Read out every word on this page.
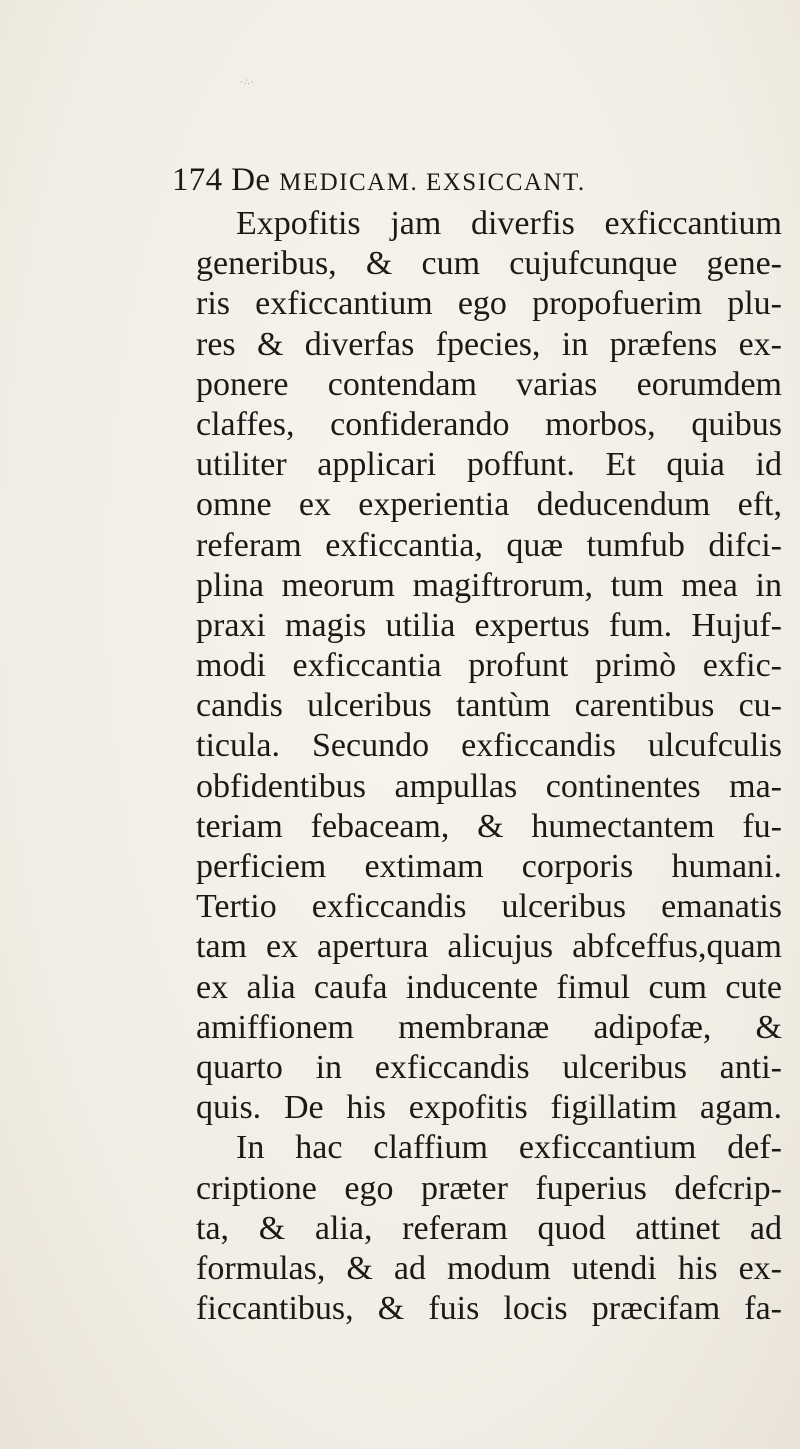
·∴·
174 De MEDICAM. EXSICCANT.
Expofitis jam diverfis exficcantium
generibus, & cum cujufcunque gene-
ris exficcantium ego propofuerim plu-
res & diverfas fpecies, in præfens ex-
ponere contendam varias eorumdem
claffes, confiderando morbos, quibus
utiliter applicari poffunt. Et quia id
omne ex experientia deducendum eft,
referam exficcantia, quæ tumfub difci-
plina meorum magiftrorum, tum mea in
praxi magis utilia expertus fum. Hujuf-
modi exficcantia profunt primò exfic-
candis ulceribus tantùm carentibus cu-
ticula. Secundo exficcandis ulcufculis
obfidentibus ampullas continentes ma-
teriam febaceam, & humectantem fu-
perficiem extimam corporis humani.
Tertio exficcandis ulceribus emanatis
tam ex apertura alicujus abfceffus,quam
ex alia caufa inducente fimul cum cute
amiffionem membranæ adipofæ, &
quarto in exficcandis ulceribus anti-
quis. De his expofitis figillatim agam.
In hac claffium exficcantium def-
criptione ego præter fuperius defcrip-
ta, & alia, referam quod attinet ad
formulas, & ad modum utendi his ex-
ficcantibus, & fuis locis præcifam fa-
